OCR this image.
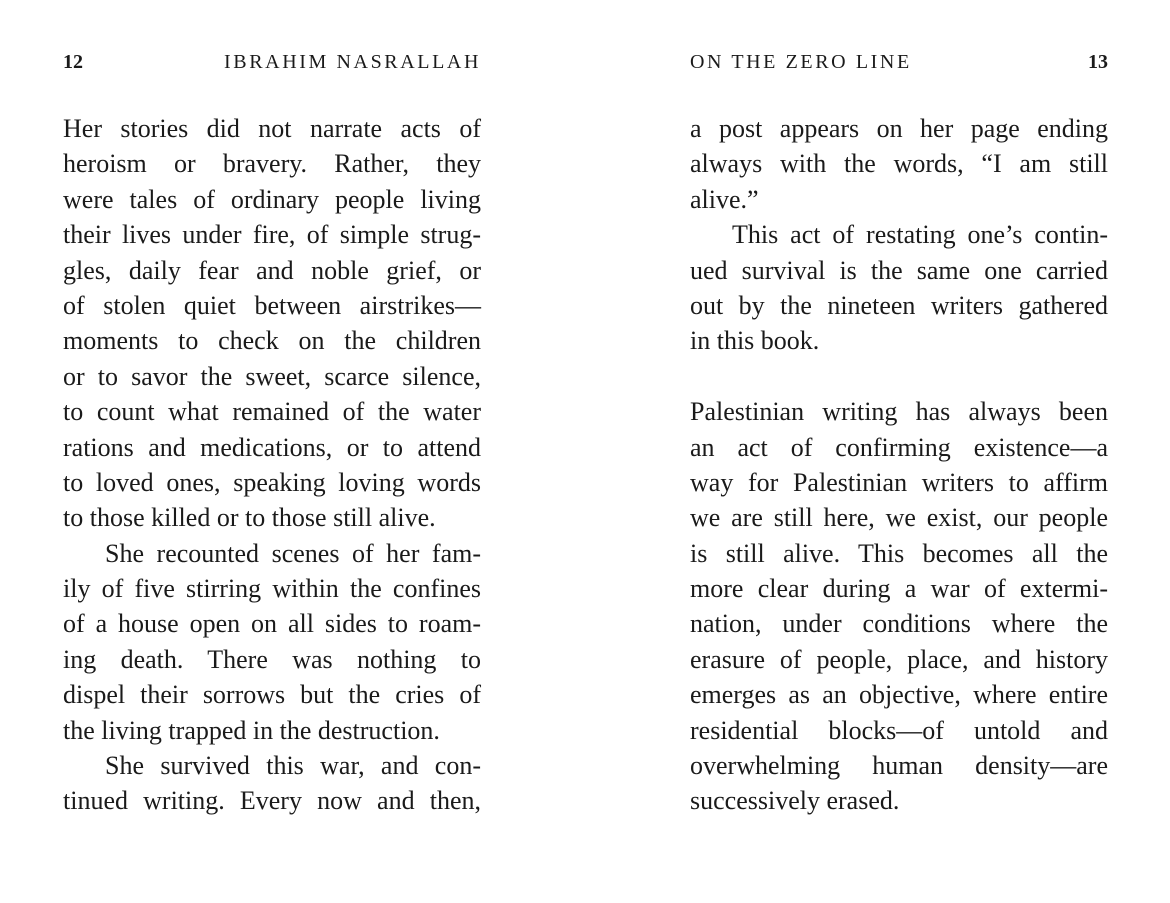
12	IBRAHIM NASRALLAH
Her stories did not narrate acts of
heroism or bravery. Rather, they
were tales of ordinary people living
their lives under fire, of simple strug-
gles, daily fear and noble grief, or
of stolen quiet between airstrikes—
moments to check on the children
or to savor the sweet, scarce silence,
to count what remained of the water
rations and medications, or to attend
to loved ones, speaking loving words
to those killed or to those still alive.
She recounted scenes of her fam-
ily of five stirring within the confines
of a house open on all sides to roam-
ing death. There was nothing to
dispel their sorrows but the cries of
the living trapped in the destruction.
She survived this war, and con-
tinued writing. Every now and then,
ON THE ZERO LINE	13
a post appears on her page ending
always with the words, “I am still
alive.”
This act of restating one’s contin-
ued survival is the same one carried
out by the nineteen writers gathered
in this book.
Palestinian writing has always been
an act of confirming existence—a
way for Palestinian writers to affirm
we are still here, we exist, our people
is still alive. This becomes all the
more clear during a war of extermi-
nation, under conditions where the
erasure of people, place, and history
emerges as an objective, where entire
residential blocks—of untold and
overwhelming human density—are
successively erased.
